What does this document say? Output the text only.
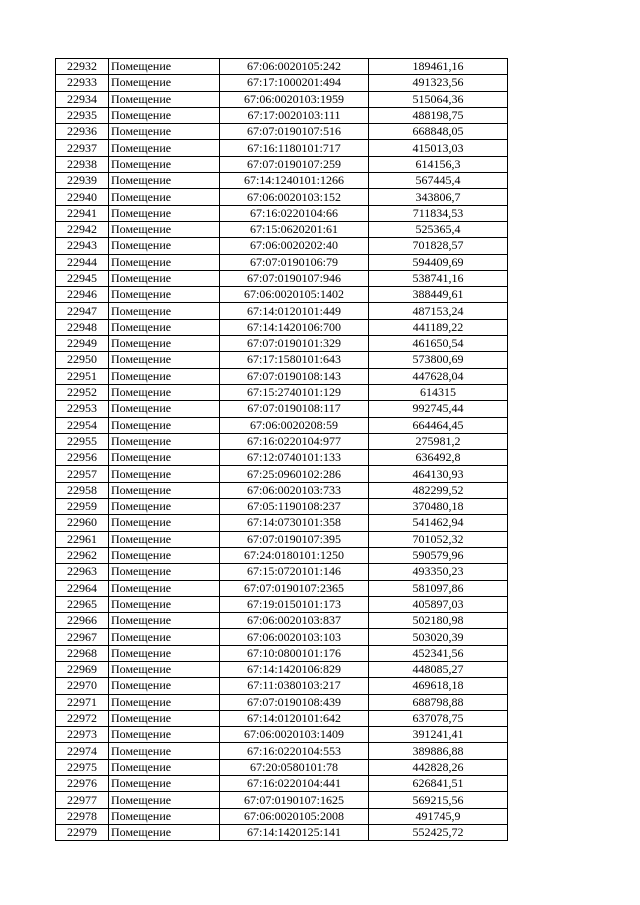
22932	Помещение	67:06:0020105:242	189461,16
22933	Помещение	67:17:1000201:494	491323,56
22934	Помещение	67:06:0020103:1959	515064,36
22935	Помещение	67:17:0020103:111	488198,75
22936	Помещение	67:07:0190107:516	668848,05
22937	Помещение	67:16:1180101:717	415013,03
22938	Помещение	67:07:0190107:259	614156,3
22939	Помещение	67:14:1240101:1266	567445,4
22940	Помещение	67:06:0020103:152	343806,7
22941	Помещение	67:16:0220104:66	711834,53
22942	Помещение	67:15:0620201:61	525365,4
22943	Помещение	67:06:0020202:40	701828,57
22944	Помещение	67:07:0190106:79	594409,69
22945	Помещение	67:07:0190107:946	538741,16
22946	Помещение	67:06:0020105:1402	388449,61
22947	Помещение	67:14:0120101:449	487153,24
22948	Помещение	67:14:1420106:700	441189,22
22949	Помещение	67:07:0190101:329	461650,54
22950	Помещение	67:17:1580101:643	573800,69
22951	Помещение	67:07:0190108:143	447628,04
22952	Помещение	67:15:2740101:129	614315
22953	Помещение	67:07:0190108:117	992745,44
22954	Помещение	67:06:0020208:59	664464,45
22955	Помещение	67:16:0220104:977	275981,2
22956	Помещение	67:12:0740101:133	636492,8
22957	Помещение	67:25:0960102:286	464130,93
22958	Помещение	67:06:0020103:733	482299,52
22959	Помещение	67:05:1190108:237	370480,18
22960	Помещение	67:14:0730101:358	541462,94
22961	Помещение	67:07:0190107:395	701052,32
22962	Помещение	67:24:0180101:1250	590579,96
22963	Помещение	67:15:0720101:146	493350,23
22964	Помещение	67:07:0190107:2365	581097,86
22965	Помещение	67:19:0150101:173	405897,03
22966	Помещение	67:06:0020103:837	502180,98
22967	Помещение	67:06:0020103:103	503020,39
22968	Помещение	67:10:0800101:176	452341,56
22969	Помещение	67:14:1420106:829	448085,27
22970	Помещение	67:11:0380103:217	469618,18
22971	Помещение	67:07:0190108:439	688798,88
22972	Помещение	67:14:0120101:642	637078,75
22973	Помещение	67:06:0020103:1409	391241,41
22974	Помещение	67:16:0220104:553	389886,88
22975	Помещение	67:20:0580101:78	442828,26
22976	Помещение	67:16:0220104:441	626841,51
22977	Помещение	67:07:0190107:1625	569215,56
22978	Помещение	67:06:0020105:2008	491745,9
22979	Помещение	67:14:1420125:141	552425,72
